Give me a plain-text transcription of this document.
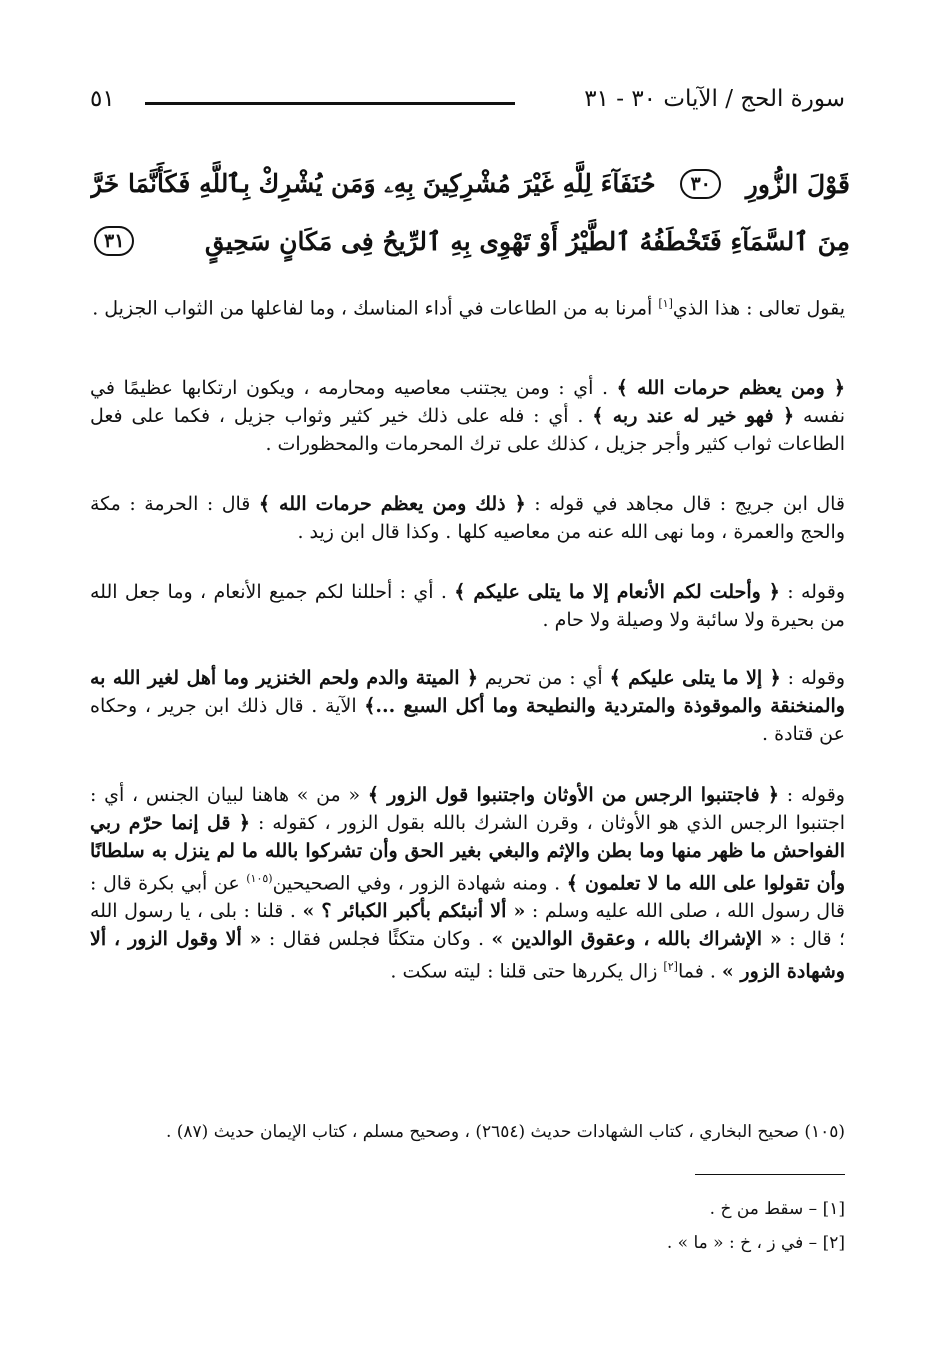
سورة الحج / الآيات ٣٠ - ٣١
٥١
قَوْلَ الزُّورِ
٣٠
حُنَفَآءَ لِلَّهِ غَيْرَ مُشْرِكِينَ بِهِۦ وَمَن يُشْرِكْ بِٱللَّهِ فَكَأَنَّمَا خَرَّ
مِنَ ٱلسَّمَآءِ فَتَخْطَفُهُ ٱلطَّيْرُ أَوْ تَهْوِى بِهِ ٱلرِّيحُ فِى مَكَانٍ سَحِيقٍ
٣١

يقول تعالى : هذا الذي[١] أمرنا به من الطاعات في أداء المناسك ، وما لفاعلها من الثواب الجزيل .

﴿ ومن يعظم حرمات الله ﴾ . أي : ومن يجتنب معاصيه ومحارمه ، ويكون ارتكابها عظيمًا في نفسه ﴿ فهو خير له عند ربه ﴾ . أي : فله على ذلك خير كثير وثواب جزيل ، فكما على فعل الطاعات ثواب كثير وأجر جزيل ، كذلك على ترك المحرمات والمحظورات .

قال ابن جريج : قال مجاهد في قوله : ﴿ ذلك ومن يعظم حرمات الله ﴾ قال : الحرمة : مكة والحج والعمرة ، وما نهى الله عنه من معاصيه كلها . وكذا قال ابن زيد .

وقوله : ﴿ وأحلت لكم الأنعام إلا ما يتلى عليكم ﴾ . أي : أحللنا لكم جميع الأنعام ، وما جعل الله من بحيرة ولا سائبة ولا وصيلة ولا حام .

وقوله : ﴿ إلا ما يتلى عليكم ﴾ أي : من تحريم ﴿ الميتة والدم ولحم الخنزير وما أهل لغير الله به والمنخنقة والموقوذة والمتردية والنطيحة وما أكل السبع ...﴾ الآية . قال ذلك ابن جرير ، وحكاه عن قتادة .

وقوله : ﴿ فاجتنبوا الرجس من الأوثان واجتنبوا قول الزور ﴾ « من » هاهنا لبيان الجنس ، أي : اجتنبوا الرجس الذي هو الأوثان ، وقرن الشرك بالله بقول الزور ، كقوله : ﴿ قل إنما حرّم ربي الفواحش ما ظهر منها وما بطن والإثم والبغي بغير الحق وأن تشركوا بالله ما لم ينزل به سلطانًا وأن تقولوا على الله ما لا تعلمون ﴾ . ومنه شهادة الزور ، وفي الصحيحين$^{(١٠٥)}$ عن أبي بكرة قال : قال رسول الله ، صلى الله عليه وسلم : « ألا أنبئكم بأكبر الكبائر ؟ » . قلنا : بلى ، يا رسول الله ؛ قال : « الإشراك بالله ، وعقوق الوالدين » . وكان متكئًا فجلس فقال : « ألا وقول الزور ، ألا وشهادة الزور » . فما[٢] زال يكررها حتى قلنا : ليته سكت .

(١٠٥) صحيح البخاري ، كتاب الشهادات حديث (٢٦٥٤) ، وصحيح مسلم ، كتاب الإيمان حديث (٨٧) .

[١] – سقط من خ .

[٢] – في ز ، خ : « ما » .
